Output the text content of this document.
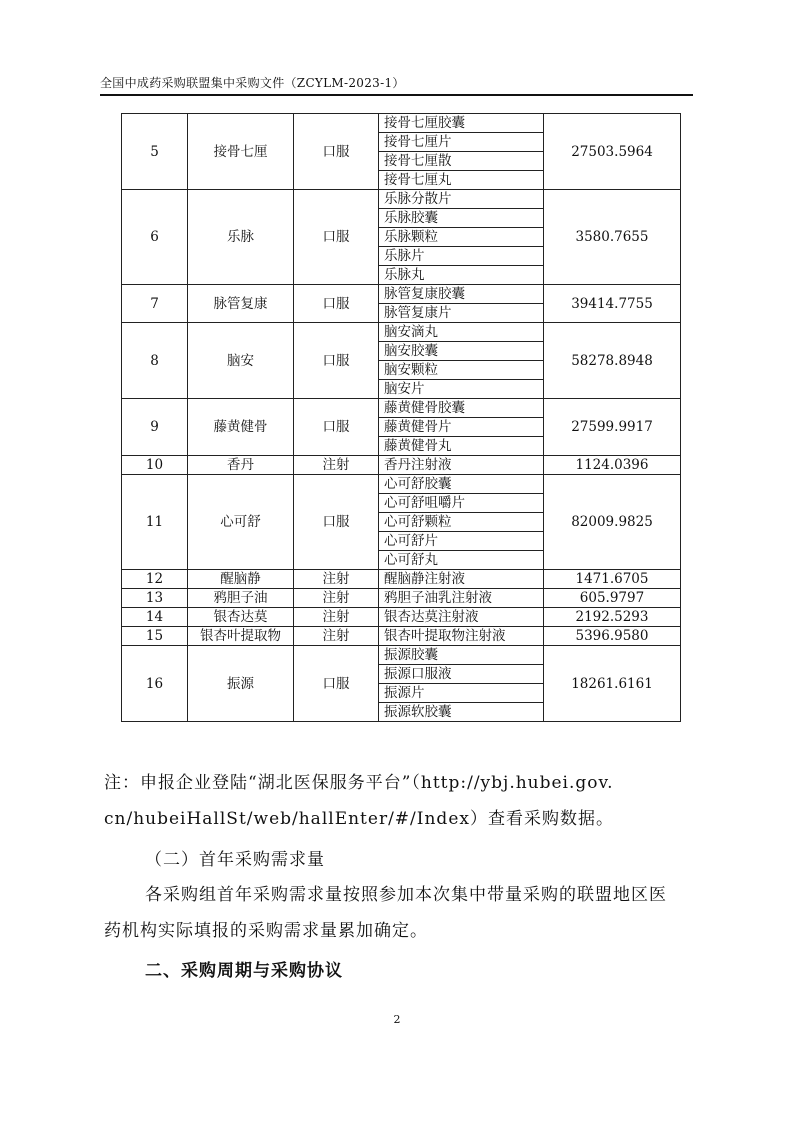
全国中成药采购联盟集中采购文件（ZCYLM-2023-1）
5	接骨七厘	口服	接骨七厘胶囊	27503.5964
			接骨七厘片	
			接骨七厘散	
			接骨七厘丸	
6	乐脉	口服	乐脉分散片	3580.7655
			乐脉胶囊	
			乐脉颗粒	
			乐脉片	
			乐脉丸	
7	脉管复康	口服	脉管复康胶囊	39414.7755
			脉管复康片	
8	脑安	口服	脑安滴丸	58278.8948
			脑安胶囊	
			脑安颗粒	
			脑安片	
9	藤黄健骨	口服	藤黄健骨胶囊	27599.9917
			藤黄健骨片	
			藤黄健骨丸	
10	香丹	注射	香丹注射液	1124.0396
11	心可舒	口服	心可舒胶囊	82009.9825
			心可舒咀嚼片	
			心可舒颗粒	
			心可舒片	
			心可舒丸	
12	醒脑静	注射	醒脑静注射液	1471.6705
13	鸦胆子油	注射	鸦胆子油乳注射液	605.9797
14	银杏达莫	注射	银杏达莫注射液	2192.5293
15	银杏叶提取物	注射	银杏叶提取物注射液	5396.9580
16	振源	口服	振源胶囊	18261.6161
			振源口服液	
			振源片	
			振源软胶囊	
注：申报企业登陆“湖北医保服务平台”（http://ybj.hubei.gov.
cn/hubeiHallSt/web/hallEnter/#/Index）查看采购数据。
（二）首年采购需求量
各采购组首年采购需求量按照参加本次集中带量采购的联盟地区医
药机构实际填报的采购需求量累加确定。
二、采购周期与采购协议
2
